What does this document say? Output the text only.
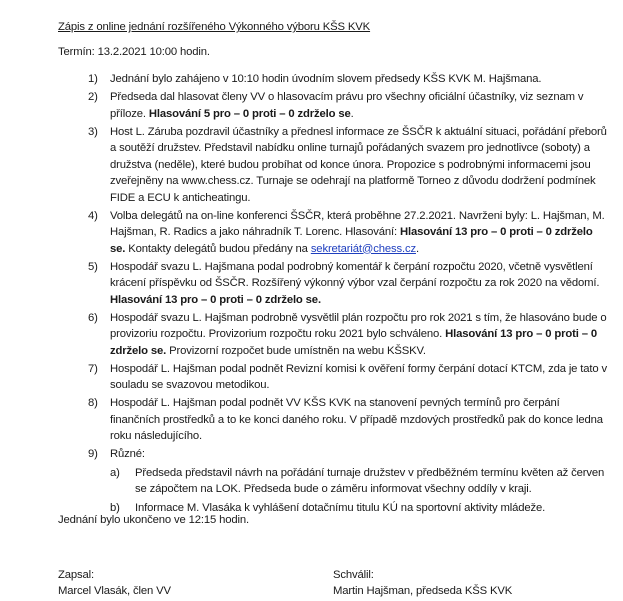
Zápis z online jednání rozšířeného Výkonného výboru KŠS KVK
Termín: 13.2.2021 10:00 hodin.
1) Jednání bylo zahájeno v 10:10 hodin úvodním slovem předsedy KŠS KVK M. Hajšmana.
2) Předseda dal hlasovat členy VV o hlasovacím právu pro všechny oficiální účastníky, viz seznam v příloze. Hlasování 5 pro – 0 proti – 0 zdrželo se.
3) Host L. Záruba pozdravil účastníky a přednesl informace ze ŠSČR k aktuální situaci, pořádání přeborů a soutěží družstev. Představil nabídku online turnajů pořádaných svazem pro jednotlivce (soboty) a družstva (neděle), které budou probíhat od konce února. Propozice s podrobnými informacemi jsou zveřejněny na www.chess.cz. Turnaje se odehrají na platformě Torneo z důvodu dodržení podmínek FIDE a ECU k anticheatingu.
4) Volba delegátů na on-line konferenci ŠSČR, která proběhne 27.2.2021. Navrženi byly: L. Hajšman, M. Hajšman, R. Radics a jako náhradník T. Lorenc. Hlasování: Hlasování 13 pro – 0 proti – 0 zdrželo se. Kontakty delegátů budou předány na sekretariát@chess.cz.
5) Hospodář svazu L. Hajšmana podal podrobný komentář k čerpání rozpočtu 2020, včetně vysvětlení krácení příspěvku od ŠSČR. Rozšířený výkonný výbor vzal čerpání rozpočtu za rok 2020 na vědomí. Hlasování 13 pro – 0 proti – 0 zdrželo se.
6) Hospodář svazu L. Hajšman podrobně vysvětlil plán rozpočtu pro rok 2021 s tím, že hlasováno bude o provizoriu rozpočtu. Provizorium rozpočtu roku 2021 bylo schváleno. Hlasování 13 pro – 0 proti – 0 zdrželo se. Provizorní rozpočet bude umístněn na webu KŠSKV.
7) Hospodář L. Hajšman podal podnět Revizní komisi k ověření formy čerpání dotací KTCM, zda je tato v souladu se svazovou metodikou.
8) Hospodář L. Hajšman podal podnět VV KŠS KVK na stanovení pevných termínů pro čerpání finančních prostředků a to ke konci daného roku. V případě mzdových prostředků pak do konce ledna roku následujícího.
9) Různé:
a) Předseda představil návrh na pořádání turnaje družstev v předběžném termínu květen až červen se zápočtem na LOK. Předseda bude o záměru informovat všechny oddíly v kraji.
b) Informace M. Vlasáka k vyhlášení dotačnímu titulu KÚ na sportovní aktivity mládeže.
Jednání bylo ukončeno ve 12:15 hodin.
Zapsal:
Marcel Vlasák, člen VV
Schválil:
Martin Hajšman, předseda KŠS KVK
